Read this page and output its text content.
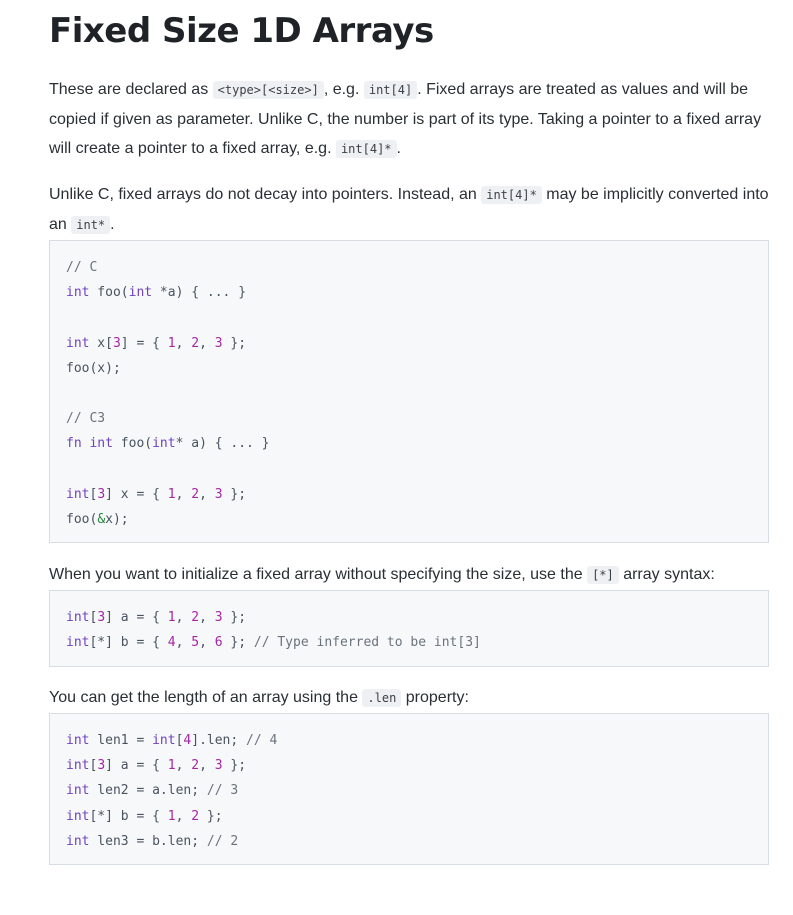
Fixed Size 1D Arrays

These are declared as <type>[<size>] , e.g. int[4] . Fixed arrays are treated as values and will be copied if given as parameter. Unlike C, the number is part of its type. Taking a pointer to a fixed array will create a pointer to a fixed array, e.g. int[4]* .

Unlike C, fixed arrays do not decay into pointers. Instead, an int[4]* may be implicitly converted into an int* .

// C
int foo(int *a) { ... }

int x[3] = { 1, 2, 3 };
foo(x);

// C3
fn int foo(int* a) { ... }

int[3] x = { 1, 2, 3 };
foo(&x);

When you want to initialize a fixed array without specifying the size, use the [*] array syntax:

int[3] a = { 1, 2, 3 };
int[*] b = { 4, 5, 6 }; // Type inferred to be int[3]

You can get the length of an array using the .len property:

int len1 = int[4].len; // 4
int[3] a = { 1, 2, 3 };
int len2 = a.len; // 3
int[*] b = { 1, 2 };
int len3 = b.len; // 2
